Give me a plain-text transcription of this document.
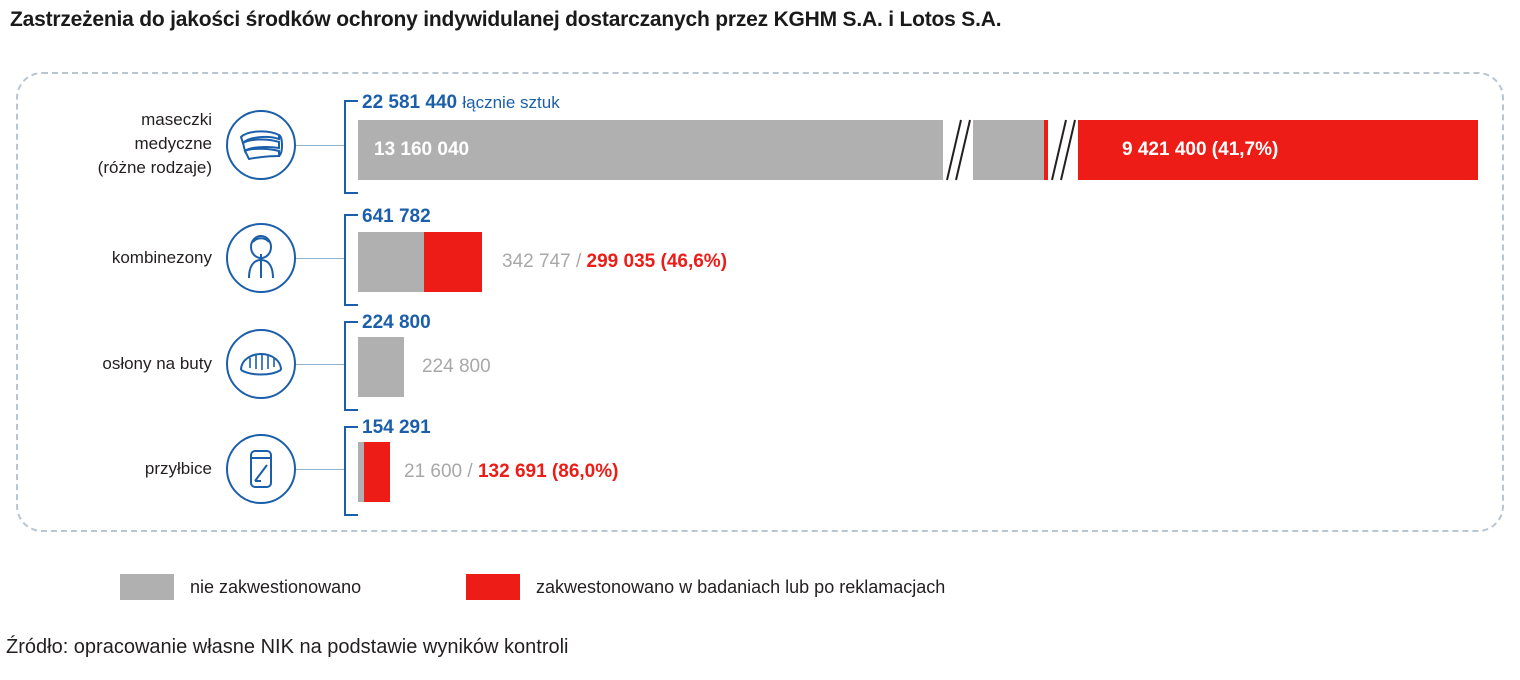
Zastrzeżenia do jakości środków ochrony indywidulanej dostarczanych przez KGHM S.A. i Lotos S.A.
maseczki
medyczne
(różne rodzaje)
22 581 440 łącznie sztuk
13 160 040	9 421 400 (41,7%)
kombinezony
641 782
342 747 / 299 035 (46,6%)
osłony na buty
224 800
224 800
przyłbice
154 291
21 600 / 132 691 (86,0%)
nie zakwestionowano	zakwestonowano w badaniach lub po reklamacjach
Źródło: opracowanie własne NIK na podstawie wyników kontroli
